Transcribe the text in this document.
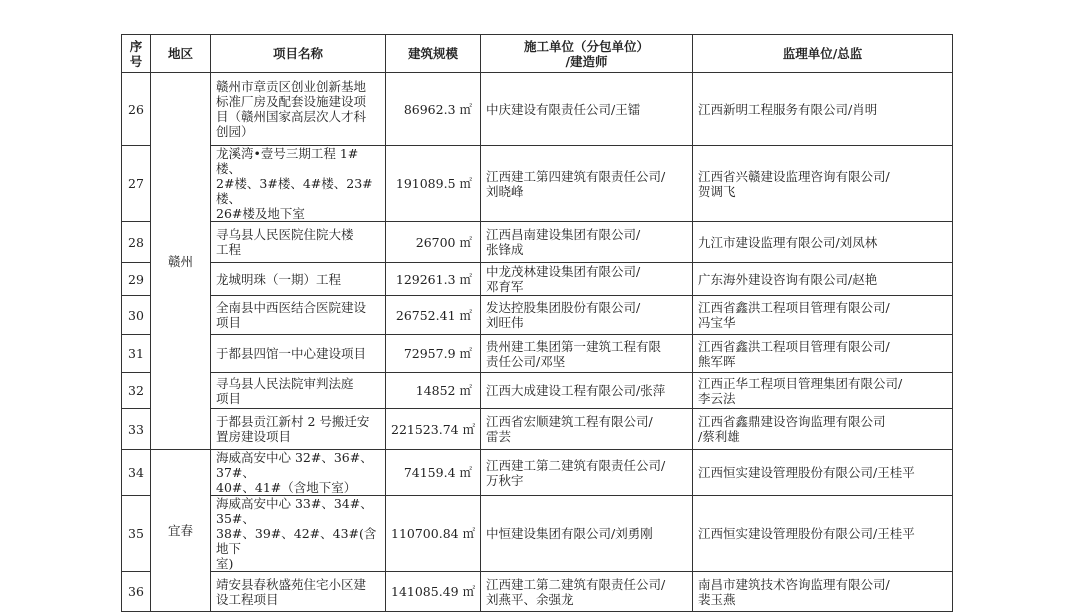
序
号	地区	项目名称	建筑规模	施工单位（分包单位）
/建造师	监理单位/总监
26	赣州	赣州市章贡区创业创新基地
标准厂房及配套设施建设项
目（赣州国家高层次人才科
创园）	86962.3 ㎡	中庆建设有限责任公司/王镭	江西新明工程服务有限公司/肖明

27		龙溪湾•壹号三期工程 1#楼、
2#楼、3#楼、4#楼、23#楼、
26#楼及地下室	191089.5 ㎡	江西建工第四建筑有限责任公司/
刘晓峰	江西省兴赣建设监理咨询有限公司/
贺调飞

28		寻乌县人民医院住院大楼
工程	26700 ㎡	江西昌南建设集团有限公司/
张锋成	九江市建设监理有限公司/刘凤林

29		龙城明珠（一期）工程	129261.3 ㎡	中龙茂林建设集团有限公司/
邓育军	广东海外建设咨询有限公司/赵艳

30		全南县中西医结合医院建设
项目	26752.41 ㎡	发达控股集团股份有限公司/
刘旺伟	江西省鑫洪工程项目管理有限公司/
冯宝华

31		于都县四馆一中心建设项目	72957.9 ㎡	贵州建工集团第一建筑工程有限
责任公司/邓坚	江西省鑫洪工程项目管理有限公司/
熊军晖

32		寻乌县人民法院审判法庭
项目	14852 ㎡	江西大成建设工程有限公司/张萍	江西正华工程项目管理集团有限公司/
李云法

33		于都县贡江新村 2 号搬迁安
置房建设项目	221523.74 ㎡	江西省宏顺建筑工程有限公司/
雷芸	江西省鑫鼎建设咨询监理有限公司
/蔡利雄

34	宜春	海威高安中心 32#、36#、37#、
40#、41#（含地下室）	74159.4 ㎡	江西建工第二建筑有限责任公司/
万秋宇	江西恒实建设管理股份有限公司/王桂平

35		海威高安中心 33#、34#、35#、
38#、39#、42#、43#(含地下
室)	110700.84 ㎡	中恒建设集团有限公司/刘勇刚	江西恒实建设管理股份有限公司/王桂平

36		靖安县春秋盛苑住宅小区建
设工程项目	141085.49 ㎡	江西建工第二建筑有限责任公司/
刘燕平、余强龙	南昌市建筑技术咨询监理有限公司/
裴玉燕
